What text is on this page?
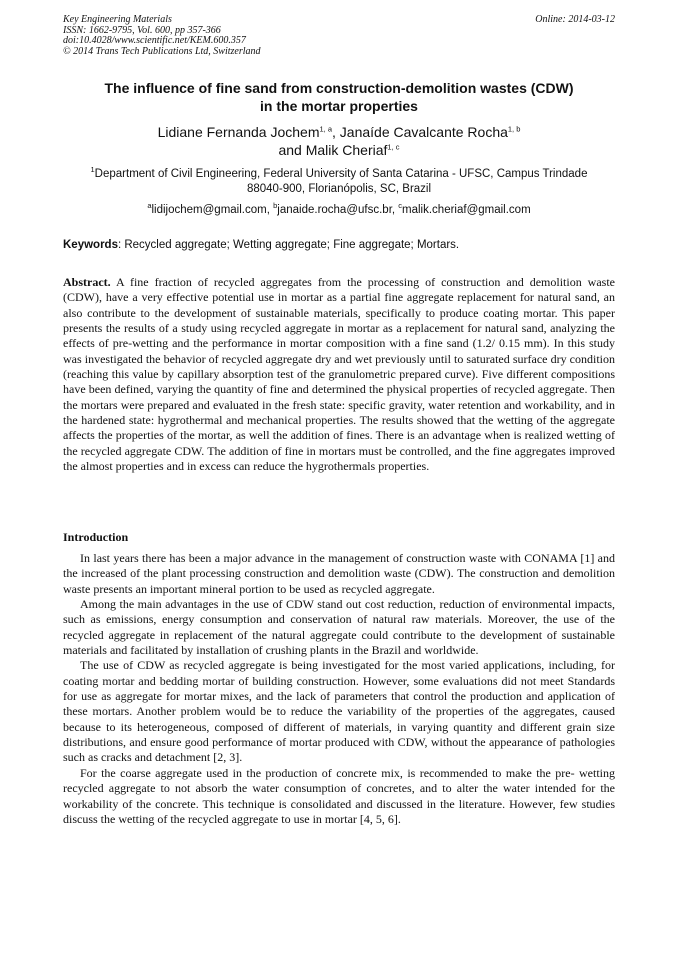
Key Engineering Materials
ISSN: 1662-9795, Vol. 600, pp 357-366
doi:10.4028/www.scientific.net/KEM.600.357
© 2014 Trans Tech Publications Ltd, Switzerland
Online: 2014-03-12
The influence of fine sand from construction-demolition wastes (CDW)
in the mortar properties
Lidiane Fernanda Jochem$^{1, a}$, Janaíde Cavalcante Rocha$^{1, b}$
and Malik Cheriaf$^{1, c}$
$^1$Department of Civil Engineering, Federal University of Santa Catarina - UFSC, Campus Trindade
88040-900, Florianópolis, SC, Brazil
$^a$lidijochem@gmail.com, $^b$janaide.rocha@ufsc.br, $^c$malik.cheriaf@gmail.com
Keywords: Recycled aggregate; Wetting aggregate; Fine aggregate; Mortars.
Abstract. A fine fraction of recycled aggregates from the processing of construction and demolition waste (CDW), have a very effective potential use in mortar as a partial fine aggregate replacement for natural sand, an also contribute to the development of sustainable materials, specifically to produce coating mortar. This paper presents the results of a study using recycled aggregate in mortar as a replacement for natural sand, analyzing the effects of pre-wetting and the performance in mortar composition with a fine sand (1.2/ 0.15 mm). In this study was investigated the behavior of recycled aggregate dry and wet previously until to saturated surface dry condition (reaching this value by capillary absorption test of the granulometric prepared curve). Five different compositions have been defined, varying the quantity of fine and determined the physical properties of recycled aggregate. Then the mortars were prepared and evaluated in the fresh state: specific gravity, water retention and workability, and in the hardened state: hygrothermal and mechanical properties. The results showed that the wetting of the aggregate affects the properties of the mortar, as well the addition of fines. There is an advantage when is realized wetting of the recycled aggregate CDW. The addition of fine in mortars must be controlled, and the fine aggregates improved the almost properties and in excess can reduce the hygrothermals properties.
Introduction

In last years there has been a major advance in the management of construction waste with CONAMA [1] and the increased of the plant processing construction and demolition waste (CDW). The construction and demolition waste presents an important mineral portion to be used as recycled aggregate.

Among the main advantages in the use of CDW stand out cost reduction, reduction of environmental impacts, such as emissions, energy consumption and conservation of natural raw materials. Moreover, the use of the recycled aggregate in replacement of the natural aggregate could contribute to the development of sustainable materials and facilitated by installation of crushing plants in the Brazil and worldwide.

The use of CDW as recycled aggregate is being investigated for the most varied applications, including, for coating mortar and bedding mortar of building construction. However, some evaluations did not meet Standards for use as aggregate for mortar mixes, and the lack of parameters that control the production and application of these mortars. Another problem would be to reduce the variability of the properties of the aggregates, caused because to its heterogeneous, composed of different of materials, in varying quantity and different grain size distributions, and ensure good performance of mortar produced with CDW, without the appearance of pathologies such as cracks and detachment [2, 3].

For the coarse aggregate used in the production of concrete mix, is recommended to make the pre- wetting recycled aggregate to not absorb the water consumption of concretes, and to alter the water intended for the workability of the concrete. This technique is consolidated and discussed in the literature. However, few studies discuss the wetting of the recycled aggregate to use in mortar [4, 5, 6].
